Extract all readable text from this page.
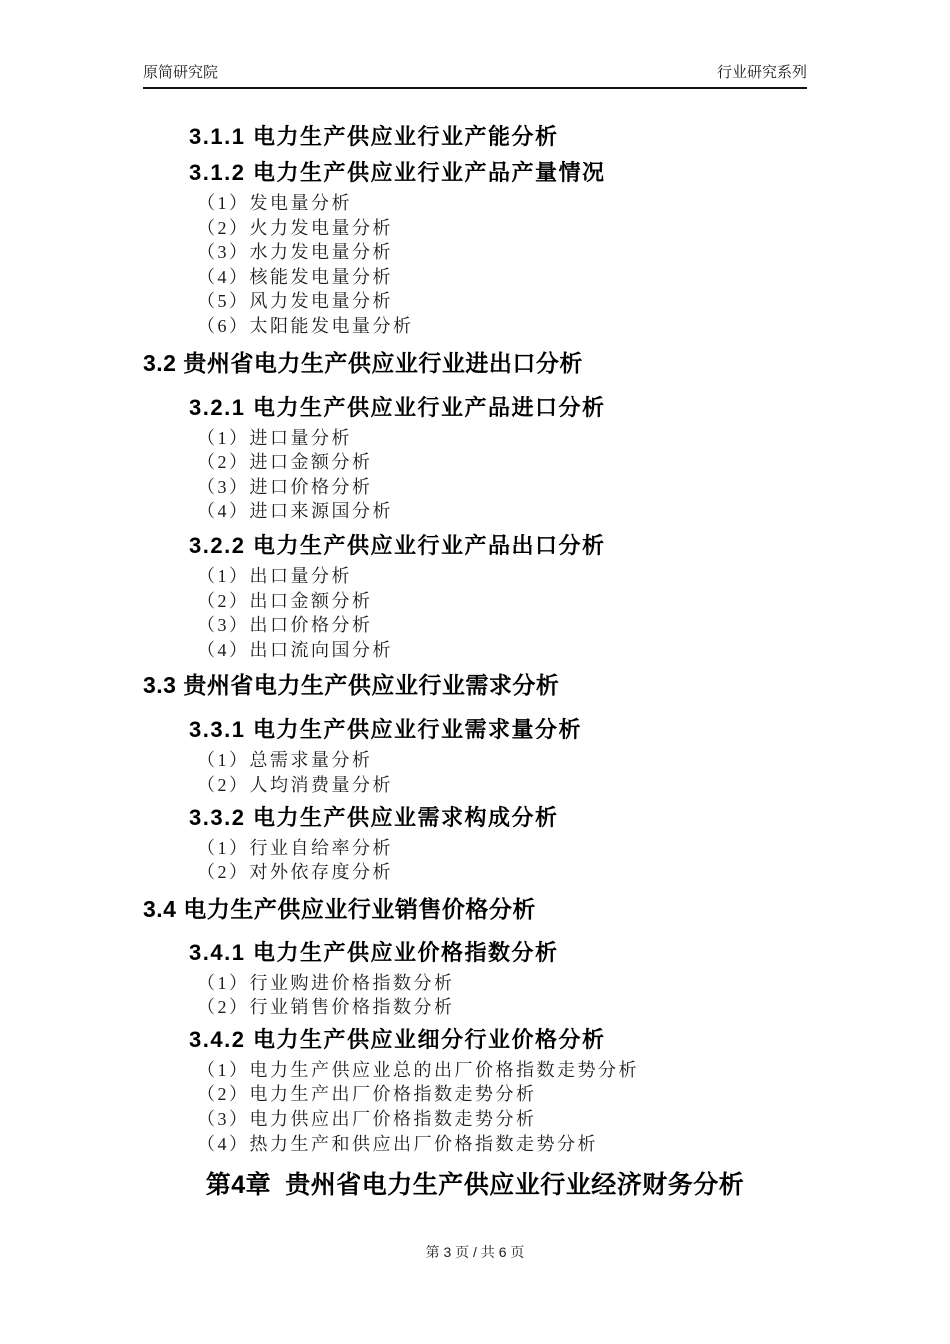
原简研究院	行业研究系列
3.1.1 电力生产供应业行业产能分析
3.1.2 电力生产供应业行业产品产量情况
（1）发电量分析
（2）火力发电量分析
（3）水力发电量分析
（4）核能发电量分析
（5）风力发电量分析
（6）太阳能发电量分析
3.2 贵州省电力生产供应业行业进出口分析
3.2.1 电力生产供应业行业产品进口分析
（1）进口量分析
（2）进口金额分析
（3）进口价格分析
（4）进口来源国分析
3.2.2 电力生产供应业行业产品出口分析
（1）出口量分析
（2）出口金额分析
（3）出口价格分析
（4）出口流向国分析
3.3 贵州省电力生产供应业行业需求分析
3.3.1 电力生产供应业行业需求量分析
（1）总需求量分析
（2）人均消费量分析
3.3.2 电力生产供应业需求构成分析
（1）行业自给率分析
（2）对外依存度分析
3.4 电力生产供应业行业销售价格分析
3.4.1 电力生产供应业价格指数分析
（1）行业购进价格指数分析
（2）行业销售价格指数分析
3.4.2 电力生产供应业细分行业价格分析
（1）电力生产供应业总的出厂价格指数走势分析
（2）电力生产出厂价格指数走势分析
（3）电力供应出厂价格指数走势分析
（4）热力生产和供应出厂价格指数走势分析
第4章 贵州省电力生产供应业行业经济财务分析
第 3 页 / 共 6 页
